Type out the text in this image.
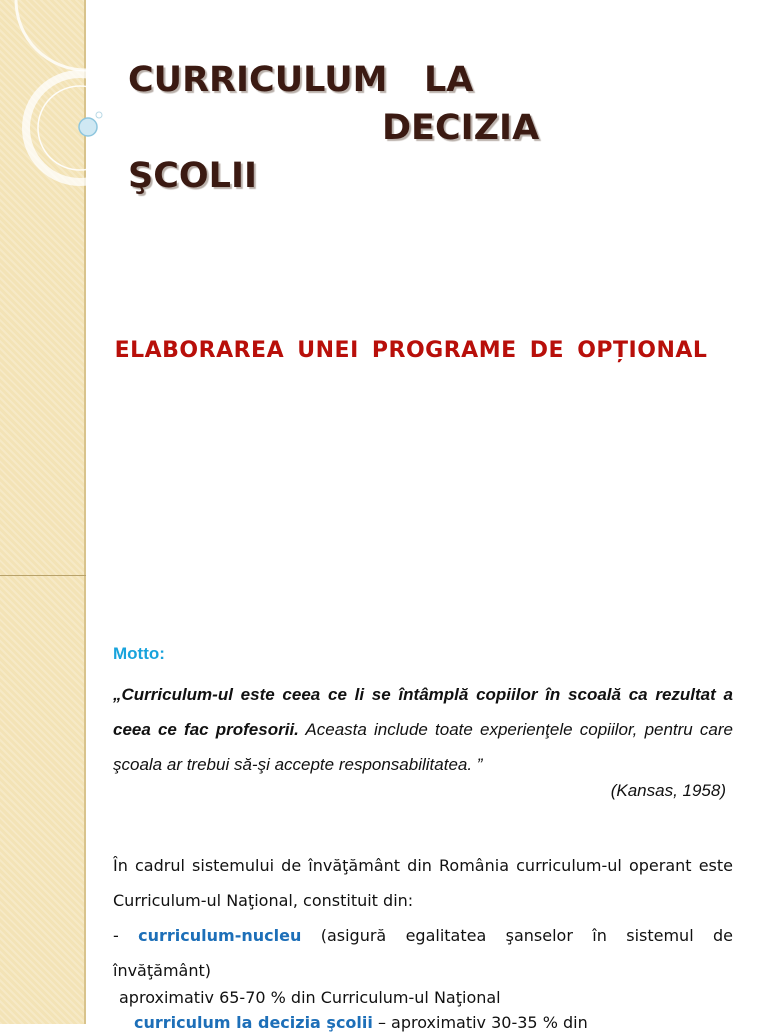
CURRICULUM   LA
DECIZIA
ŞCOLII

ELABORAREA UNEI PROGRAME DE OPȚIONAL

Motto:

„Curriculum-ul este ceea ce li se întâmplă copiilor în scoală ca rezultat a ceea ce fac profesorii. Aceasta include toate experienţele copiilor, pentru care şcoala ar trebui să-şi accepte responsabilitatea. ”

(Kansas, 1958)

În cadrul sistemului de învăţământ din România curriculum-ul operant este Curriculum-ul Naţional, constituit din:
- curriculum-nucleu (asigură egalitatea şanselor în sistemul de învăţământ)

aproximativ 65-70 % din Curriculum-ul Naţional

curriculum la decizia şcolii – aproximativ 30-35 % din
